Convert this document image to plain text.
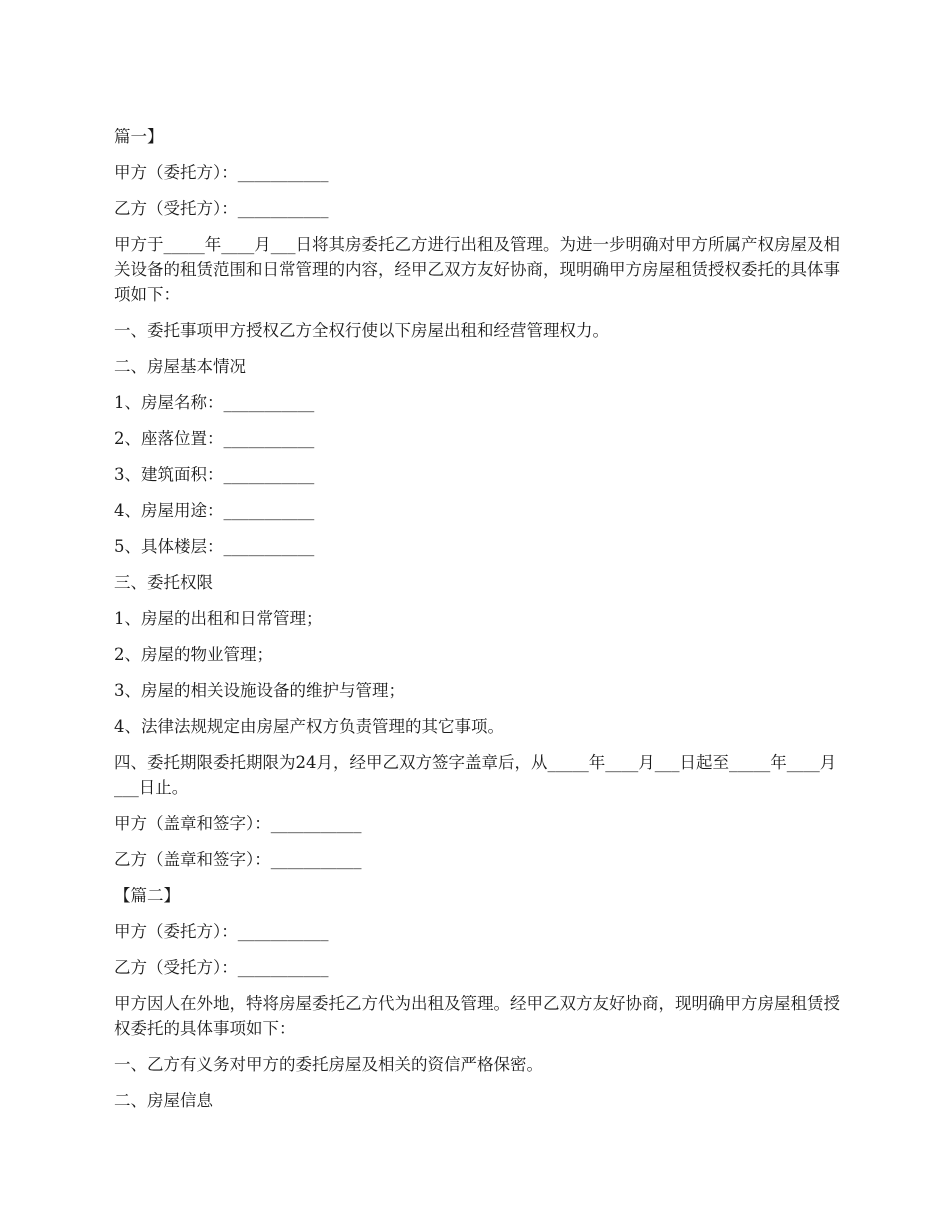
篇一】

甲方（委托方）：___________

乙方（受托方）：___________

甲方于_____年____月___日将其房委托乙方进行出租及管理。为进一步明确对甲方所属产权房屋及相关设备的租赁范围和日常管理的内容，经甲乙双方友好协商，现明确甲方房屋租赁授权委托的具体事项如下：

一、委托事项甲方授权乙方全权行使以下房屋出租和经营管理权力。

二、房屋基本情况

1、房屋名称：___________

2、座落位置：___________

3、建筑面积：___________

4、房屋用途：___________

5、具体楼层：___________

三、委托权限

1、房屋的出租和日常管理；

2、房屋的物业管理；

3、房屋的相关设施设备的维护与管理；

4、法律法规规定由房屋产权方负责管理的其它事项。

四、委托期限委托期限为24月，经甲乙双方签字盖章后，从_____年____月___日起至_____年____月___日止。

甲方（盖章和签字）：___________

乙方（盖章和签字）：___________

【篇二】

甲方（委托方）：___________

乙方（受托方）：___________

甲方因人在外地，特将房屋委托乙方代为出租及管理。经甲乙双方友好协商，现明确甲方房屋租赁授权委托的具体事项如下：

一、乙方有义务对甲方的委托房屋及相关的资信严格保密。

二、房屋信息
